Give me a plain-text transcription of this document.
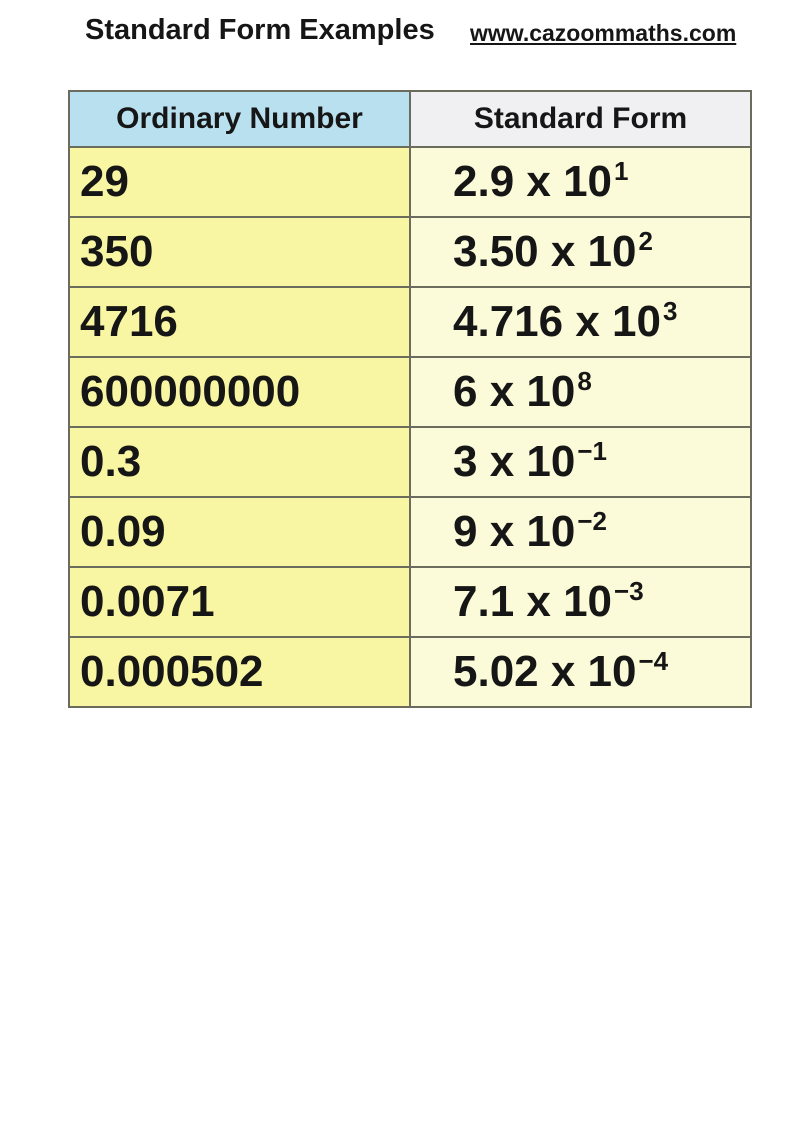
Standard Form Examples www.cazoommaths.com
Ordinary Number	Standard Form
29	2.9 x $10^1$
350	3.50 x $10^2$
4716	4.716 x $10^3$
600000000	6 x $10^8$
0.3	3 x $10^{-1}$
0.09	9 x $10^{-2}$
0.0071	7.1 x $10^{-3}$
0.000502	5.02 x $10^{-4}$
